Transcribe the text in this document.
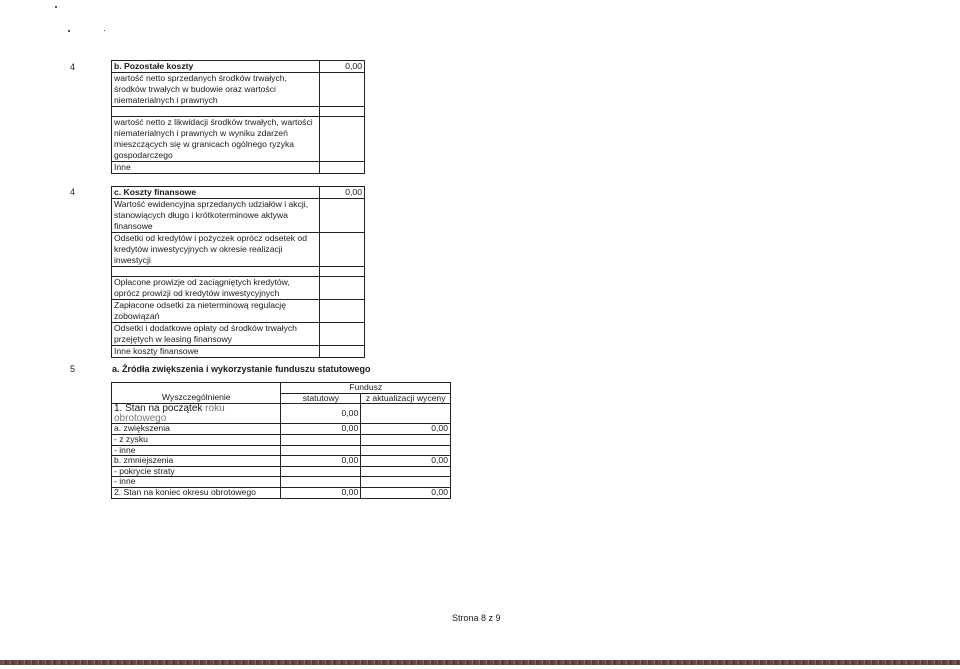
4	b. Pozostałe koszty	0,00
wartość netto sprzedanych środków trwałych, środków trwałych w budowie oraz wartości niematerialnych i prawnych	

wartość netto z likwidacji środków trwałych, wartości niematerialnych i prawnych w wyniku zdarzeń mieszczących się w granicach ogólnego ryzyka gospodarczego	
Inne	
4	c. Koszty finansowe	0,00
Wartość ewidencyjna sprzedanych udziałów i akcji, stanowiących długo i krótkoterminowe aktywa finansowe	
Odsetki od kredytów i pożyczek oprócz odsetek od kredytów inwestycyjnych w okresie realizacji inwestycji	

Opłacone prowizje od zaciągniętych kredytów, oprócz prowizji od kredytów inwestycyjnych	
Zapłacone odsetki za nieterminową regulację zobowiązań	
Odsetki i dodatkowe opłaty od środków trwałych przejętych w leasing finansowy	
Inne koszty finansowe	
5	a. Źródła zwiększenia i wykorzystanie funduszu statutowego
	Fundusz	
Wyszczególnienie	statutowy	z aktualizacji wyceny
1. Stan na początek roku obrotowego	0,00	
a. zwiększenia	0,00	0,00
- z zysku		
- inne		
b. zmniejszenia	0,00	0,00
- pokrycie straty		
- inne		
2. Stan na koniec okresu obrotowego	0,00	0,00
Strona 8 z 9
